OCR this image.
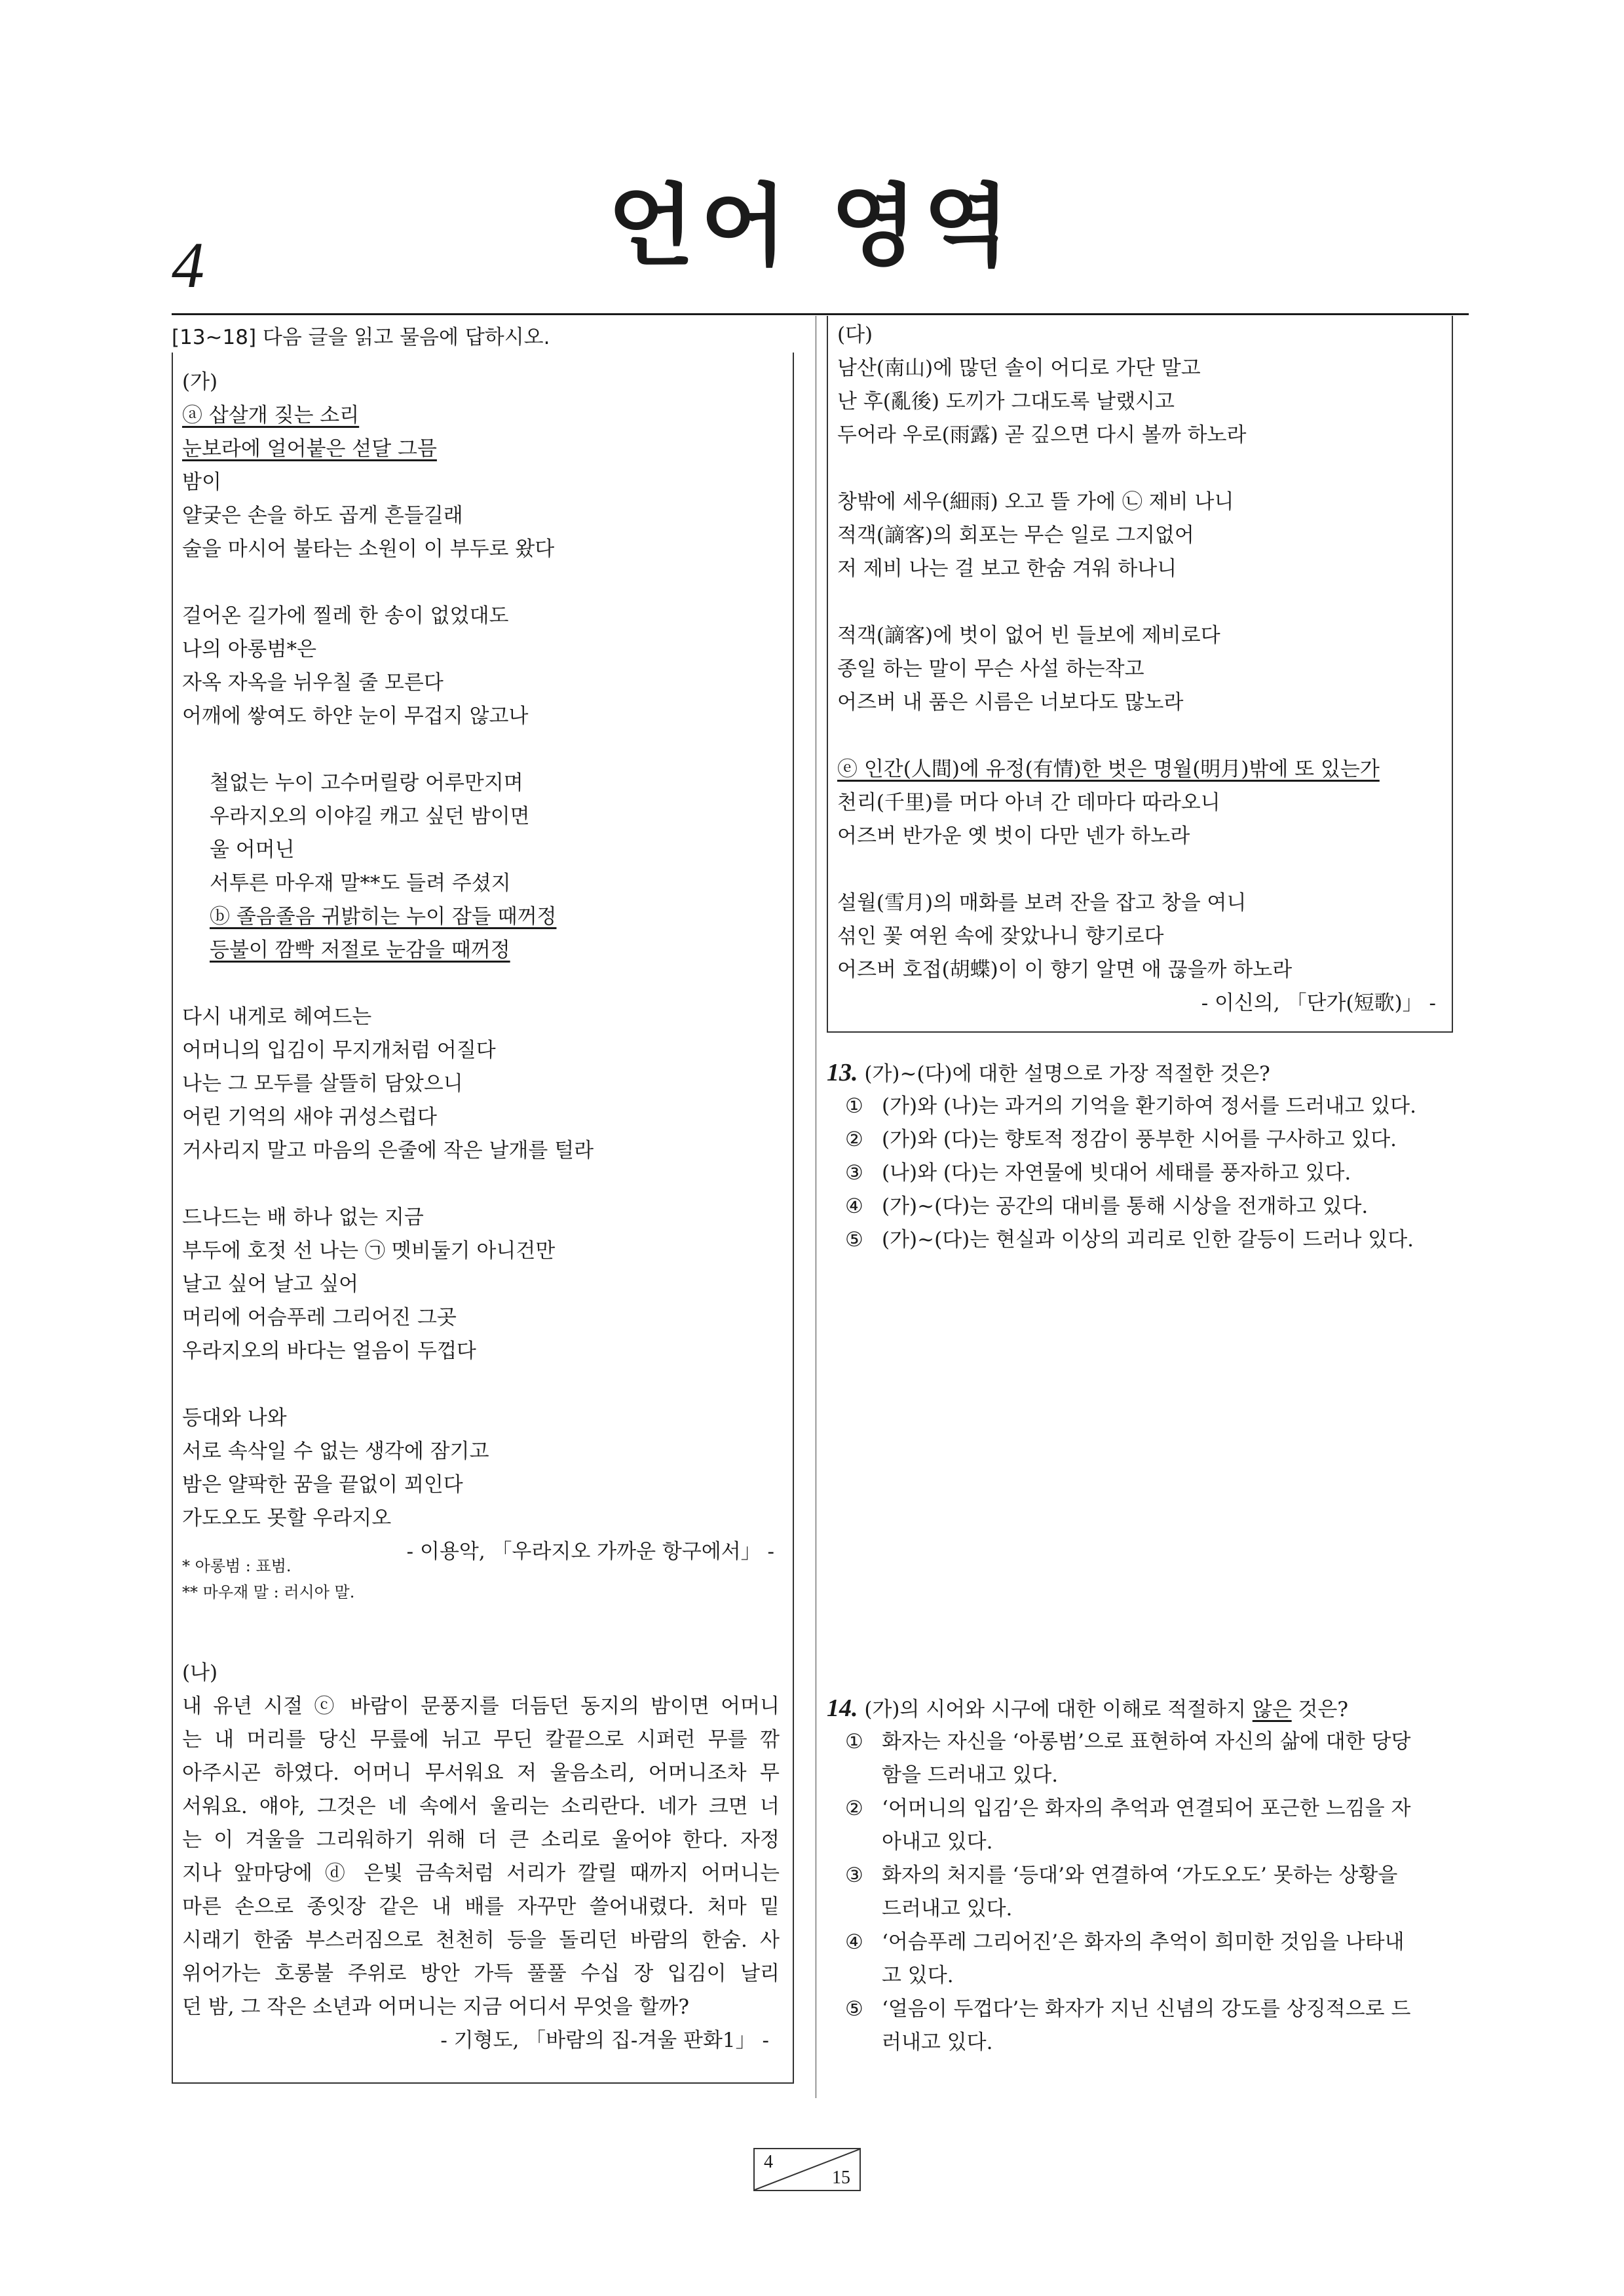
4	언어 영역
[13~18] 다음 글을 읽고 물음에 답하시오.
(가)
ⓐ 삽살개 짖는 소리
눈보라에 얼어붙은 섣달 그믐
밤이
얄궂은 손을 하도 곱게 흔들길래
술을 마시어 불타는 소원이 이 부두로 왔다
걸어온 길가에 찔레 한 송이 없었대도
나의 아롱범*은
자옥 자옥을 뉘우칠 줄 모른다
어깨에 쌓여도 하얀 눈이 무겁지 않고나
철없는 누이 고수머릴랑 어루만지며
우라지오의 이야길 캐고 싶던 밤이면
울 어머닌
서투른 마우재 말**도 들려 주셨지
ⓑ 졸음졸음 귀밝히는 누이 잠들 때꺼정
등불이 깜빡 저절로 눈감을 때꺼정
다시 내게로 헤여드는
어머니의 입김이 무지개처럼 어질다
나는 그 모두를 살뜰히 담았으니
어린 기억의 새야 귀성스럽다
거사리지 말고 마음의 은줄에 작은 날개를 털라
드나드는 배 하나 없는 지금
부두에 호젓 선 나는 ㉠ 멧비둘기 아니건만
날고 싶어 날고 싶어
머리에 어슴푸레 그리어진 그곳
우라지오의 바다는 얼음이 두껍다
등대와 나와
서로 속삭일 수 없는 생각에 잠기고
밤은 얄팍한 꿈을 끝없이 꾀인다
가도오도 못할 우라지오
- 이용악, 「우라지오 가까운 항구에서」 -
* 아롱범 : 표범.
** 마우재 말 : 러시아 말.
(나)
내 유년 시절 ⓒ 바람이 문풍지를 더듬던 동지의 밤이면 어머니
는 내 머리를 당신 무릎에 뉘고 무딘 칼끝으로 시퍼런 무를 깎
아주시곤 하였다. 어머니 무서워요 저 울음소리, 어머니조차 무
서워요. 얘야, 그것은 네 속에서 울리는 소리란다. 네가 크면 너
는 이 겨울을 그리워하기 위해 더 큰 소리로 울어야 한다. 자정
지나 앞마당에 ⓓ 은빛 금속처럼 서리가 깔릴 때까지 어머니는
마른 손으로 종잇장 같은 내 배를 자꾸만 쓸어내렸다. 처마 밑
시래기 한줌 부스러짐으로 천천히 등을 돌리던 바람의 한숨. 사
위어가는 호롱불 주위로 방안 가득 풀풀 수십 장 입김이 날리
던 밤, 그 작은 소년과 어머니는 지금 어디서 무엇을 할까?
- 기형도, 「바람의 집-겨울 판화1」 -
(다)
남산(南山)에 많던 솔이 어디로 가단 말고
난 후(亂後) 도끼가 그대도록 날랬시고
두어라 우로(雨露) 곧 깊으면 다시 볼까 하노라
창밖에 세우(細雨) 오고 뜰 가에 ㉡ 제비 나니
적객(謫客)의 회포는 무슨 일로 그지없어
저 제비 나는 걸 보고 한숨 겨워 하나니
적객(謫客)에 벗이 없어 빈 들보에 제비로다
종일 하는 말이 무슨 사설 하는작고
어즈버 내 품은 시름은 너보다도 많노라
ⓔ 인간(人間)에 유정(有情)한 벗은 명월(明月)밖에 또 있는가
천리(千里)를 머다 아녀 간 데마다 따라오니
어즈버 반가운 옛 벗이 다만 넨가 하노라
설월(雪月)의 매화를 보려 잔을 잡고 창을 여니
섞인 꽃 여윈 속에 잦았나니 향기로다
어즈버 호접(胡蝶)이 이 향기 알면 애 끊을까 하노라
- 이신의, 「단가(短歌)」 -
13. (가)~(다)에 대한 설명으로 가장 적절한 것은?
① (가)와 (나)는 과거의 기억을 환기하여 정서를 드러내고 있다.
② (가)와 (다)는 향토적 정감이 풍부한 시어를 구사하고 있다.
③ (나)와 (다)는 자연물에 빗대어 세태를 풍자하고 있다.
④ (가)~(다)는 공간의 대비를 통해 시상을 전개하고 있다.
⑤ (가)~(다)는 현실과 이상의 괴리로 인한 갈등이 드러나 있다.
14. (가)의 시어와 시구에 대한 이해로 적절하지 않은 것은?
① 화자는 자신을 ‘아롱범’으로 표현하여 자신의 삶에 대한 당당
함을 드러내고 있다.
② ‘어머니의 입김’은 화자의 추억과 연결되어 포근한 느낌을 자
아내고 있다.
③ 화자의 처지를 ‘등대’와 연결하여 ‘가도오도’ 못하는 상황을
드러내고 있다.
④ ‘어슴푸레 그리어진’은 화자의 추억이 희미한 것임을 나타내
고 있다.
⑤ ‘얼음이 두껍다’는 화자가 지닌 신념의 강도를 상징적으로 드
러내고 있다.
4
15
